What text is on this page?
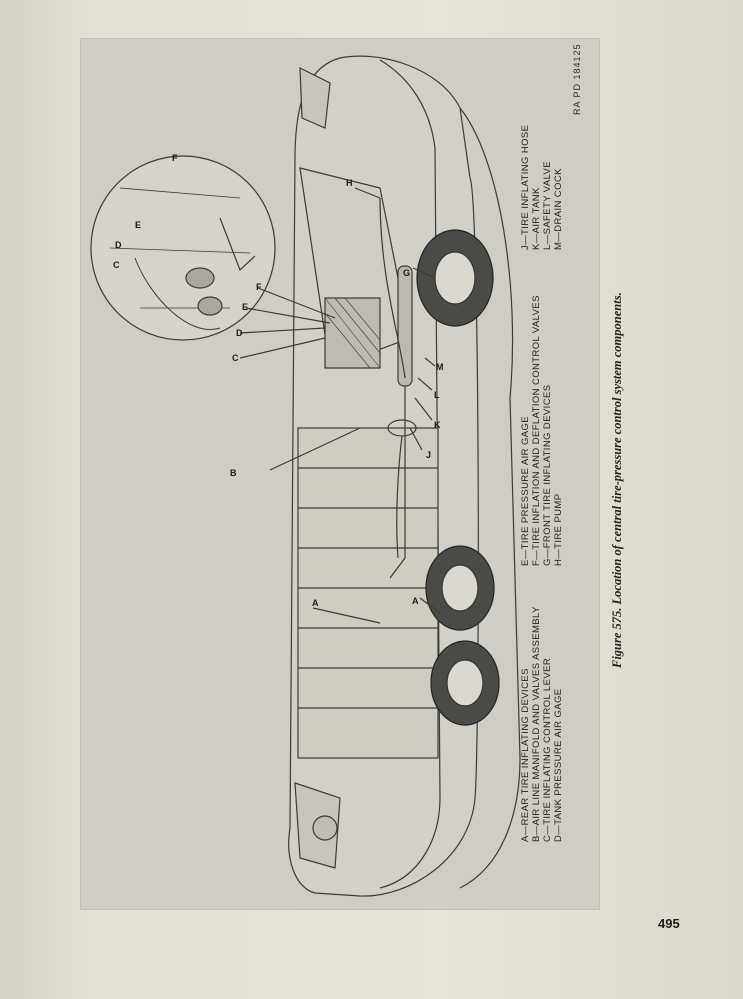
A	A
B
C
D
E
F
G
H
J
K
L
M
C
D
E
F
A—REAR TIRE INFLATING DEVICES B—AIR LINE MANIFOLD AND VALVES ASSEMBLY C—TIRE INFLATING CONTROL LEVER D—TANK PRESSURE AIR GAGE
E—TIRE PRESSURE AIR GAGE F—TIRE INFLATION AND DEFLATION CONTROL VALVES G—FRONT TIRE INFLATING DEVICES H—TIRE PUMP
J—TIRE INFLATING HOSE K—AIR TANK L—SAFETY VALVE M—DRAIN COCK
RA PD 184125
Figure 575. Location of central tire-pressure control system components.
495
